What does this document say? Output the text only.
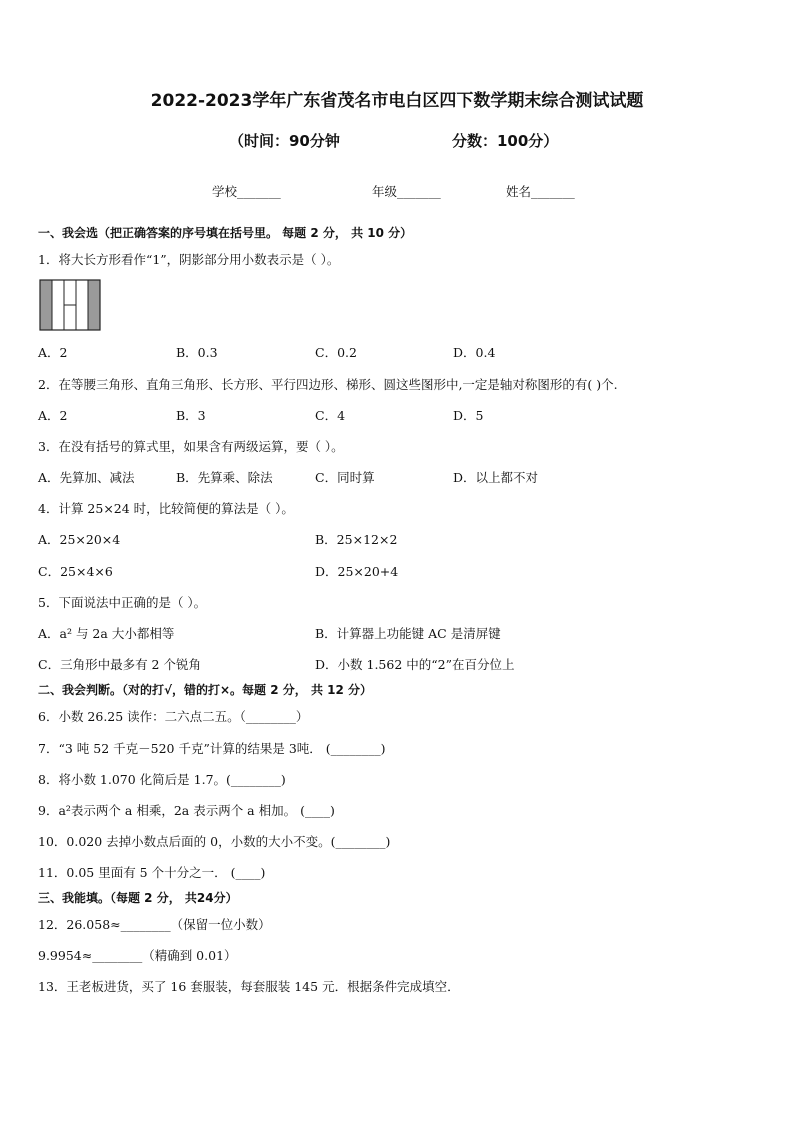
2022-2023学年广东省茂名市电白区四下数学期末综合测试试题
（时间：90分钟	分数：100分）
学校_______	年级_______	姓名_______
一、我会选（把正确答案的序号填在括号里。 每题 2 分， 共 10 分）
1．将大长方形看作“1”，阴影部分用小数表示是（ ）。
A．2	B．0.3	C．0.2	D．0.4
2．在等腰三角形、直角三角形、长方形、平行四边形、梯形、圆这些图形中,一定是轴对称图形的有( )个.
A．2	B．3	C．4	D．5
3．在没有括号的算式里，如果含有两级运算，要（ ）。
A．先算加、减法	B．先算乘、除法	C．同时算	D．以上都不对
4．计算 25×24 时，比较简便的算法是（ ）。
A．25×20×4	B．25×12×2
C．25×4×6	D．25×20+4
5．下面说法中正确的是（ ）。
A．a² 与 2a 大小都相等	B．计算器上功能键 AC 是清屏键
C．三角形中最多有 2 个锐角	D．小数 1.562 中的“2”在百分位上
二、我会判断。（对的打√，错的打×。每题 2 分， 共 12 分）
6．小数 26.25 读作：二六点二五。（________）
7．“3 吨 52 千克－520 千克”计算的结果是 3吨． (________)
8．将小数 1.070 化简后是 1.7。(________)
9．a²表示两个 a 相乘，2a 表示两个 a 相加。 (____)
10．0.020 去掉小数点后面的 0，小数的大小不变。(________)
11．0.05 里面有 5 个十分之一． (____)
三、我能填。（每题 2 分， 共24分）
12．26.058≈________（保留一位小数）
9.9954≈________（精确到 0.01）
13．王老板进货，买了 16 套服装，每套服装 145 元．根据条件完成填空．
